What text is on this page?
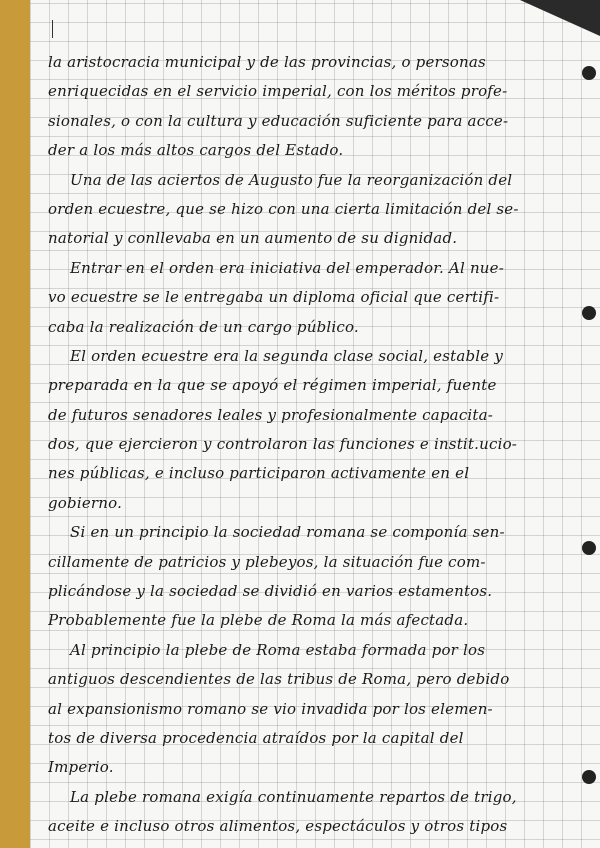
la aristocracia municipal y de las provincias, o personas
enriquecidas en el servicio imperial, con los méritos profe-
sionales, o con la cultura y educación suficiente para acce-
der a los más altos cargos del Estado.
Una de las aciertos de Augusto fue la reorganización del
orden ecuestre, que se hizo con una cierta limitación del se-
natorial y conllevaba en un aumento de su dignidad.
Entrar en el orden era iniciativa del emperador. Al nue-
vo ecuestre se le entregaba un diploma oficial que certifi-
caba la realización de un cargo público.
El orden ecuestre era la segunda clase social, estable y
preparada en la que se apoyó el régimen imperial, fuente
de futuros senadores leales y profesionalmente capacita-
dos, que ejercieron y controlaron las funciones e instit.ucio-
nes públicas, e incluso participaron activamente en el
gobierno.
Si en un principio la sociedad romana se componía sen-
cillamente de patricios y plebeyos, la situación fue com-
plicándose y la sociedad se dividió en varios estamentos.
Probablemente fue la plebe de Roma la más afectada.
Al principio la plebe de Roma estaba formada por los
antiguos descendientes de las tribus de Roma, pero debido
al expansionismo romano se vio invadida por los elemen-
tos de diversa procedencia atraídos por la capital del
Imperio.
La plebe romana exigía continuamente repartos de trigo,
aceite e incluso otros alimentos, espectáculos y otros tipos
